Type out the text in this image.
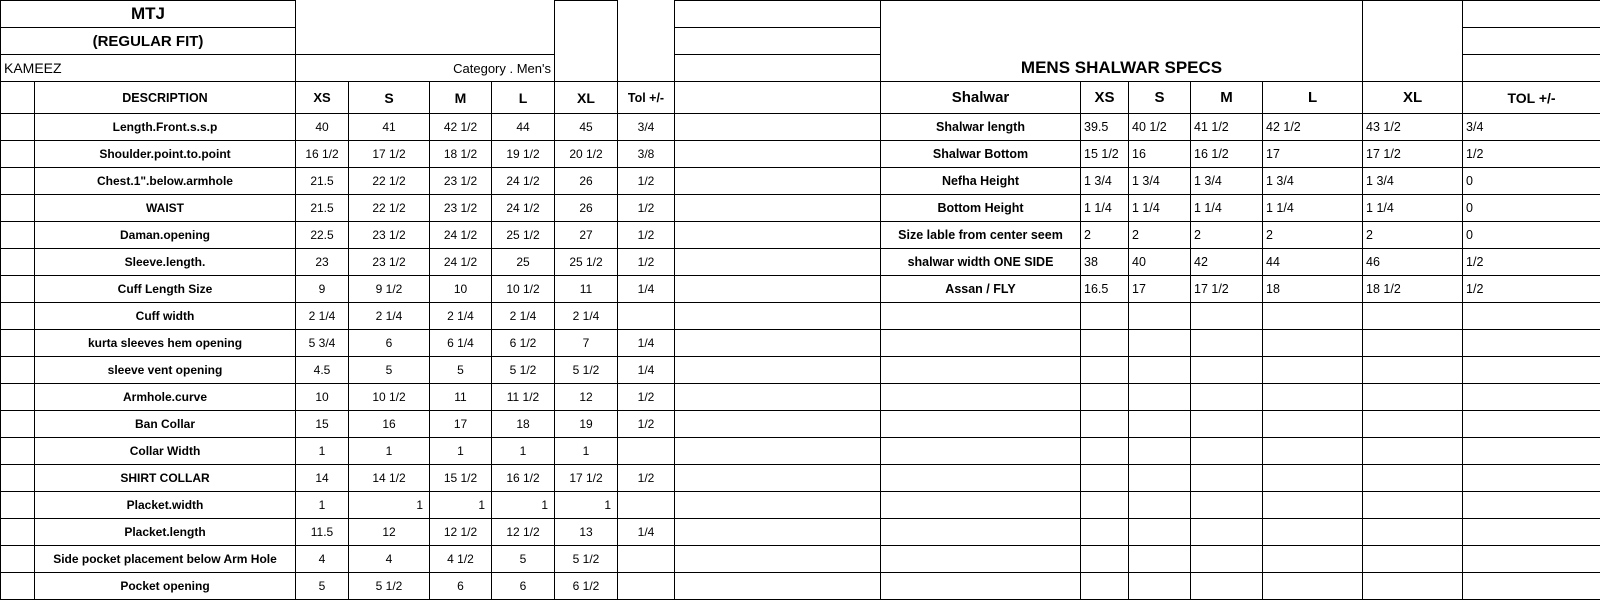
MTJ							
(REGULAR FIT)							
KAMEEZ		Category . Men's					
	DESCRIPTION	XS	S	M	L	XL	Tol +/-
	Length.Front.s.s.p	40	41	42 1/2	44	45	3/4
	Shoulder.point.to.point	16 1/2	17 1/2	18 1/2	19 1/2	20 1/2	3/8
	Chest.1".below.armhole	21.5	22 1/2	23 1/2	24 1/2	26	1/2
	WAIST	21.5	22 1/2	23 1/2	24 1/2	26	1/2
	Daman.opening	22.5	23 1/2	24 1/2	25 1/2	27	1/2
	Sleeve.length.	23	23 1/2	24 1/2	25	25 1/2	1/2
	Cuff Length Size	9	9 1/2	10	10 1/2	11	1/4
	Cuff width	2 1/4	2 1/4	2 1/4	2 1/4	2 1/4	
	kurta sleeves hem opening	5 3/4	6	6 1/4	6 1/2	7	1/4
	sleeve vent opening	4.5	5	5	5 1/2	5 1/2	1/4
	Armhole.curve	10	10 1/2	11	11 1/2	12	1/2
	Ban Collar	15	16	17	18	19	1/2
	Collar Width	1	1	1	1	1	
	SHIRT COLLAR	14	14 1/2	15 1/2	16 1/2	17 1/2	1/2
	Placket.width	1	1	1	1	1	
	Placket.length	11.5	12	12 1/2	12 1/2	13	1/4
	Side pocket placement below Arm Hole	4	4	4 1/2	5	5 1/2	
	Pocket opening	5	5 1/2	6	6	6 1/2	

	MENS SHALWAR SPECS						
	Shalwar	XS	S	M	L	XL	TOL +/-
	Shalwar length	39.5	40 1/2	41 1/2	42 1/2	43 1/2	3/4
	Shalwar Bottom	15 1/2	16	16 1/2	17	17 1/2	1/2
	Nefha Height	1 3/4	1 3/4	1 3/4	1 3/4	1 3/4	0
	Bottom Height	1 1/4	1 1/4	1 1/4	1 1/4	1 1/4	0
	Size lable from center seem	2	2	2	2	2	0
	shalwar width ONE SIDE	38	40	42	44	46	1/2
	Assan / FLY	16.5	17	17 1/2	18	18 1/2	1/2
